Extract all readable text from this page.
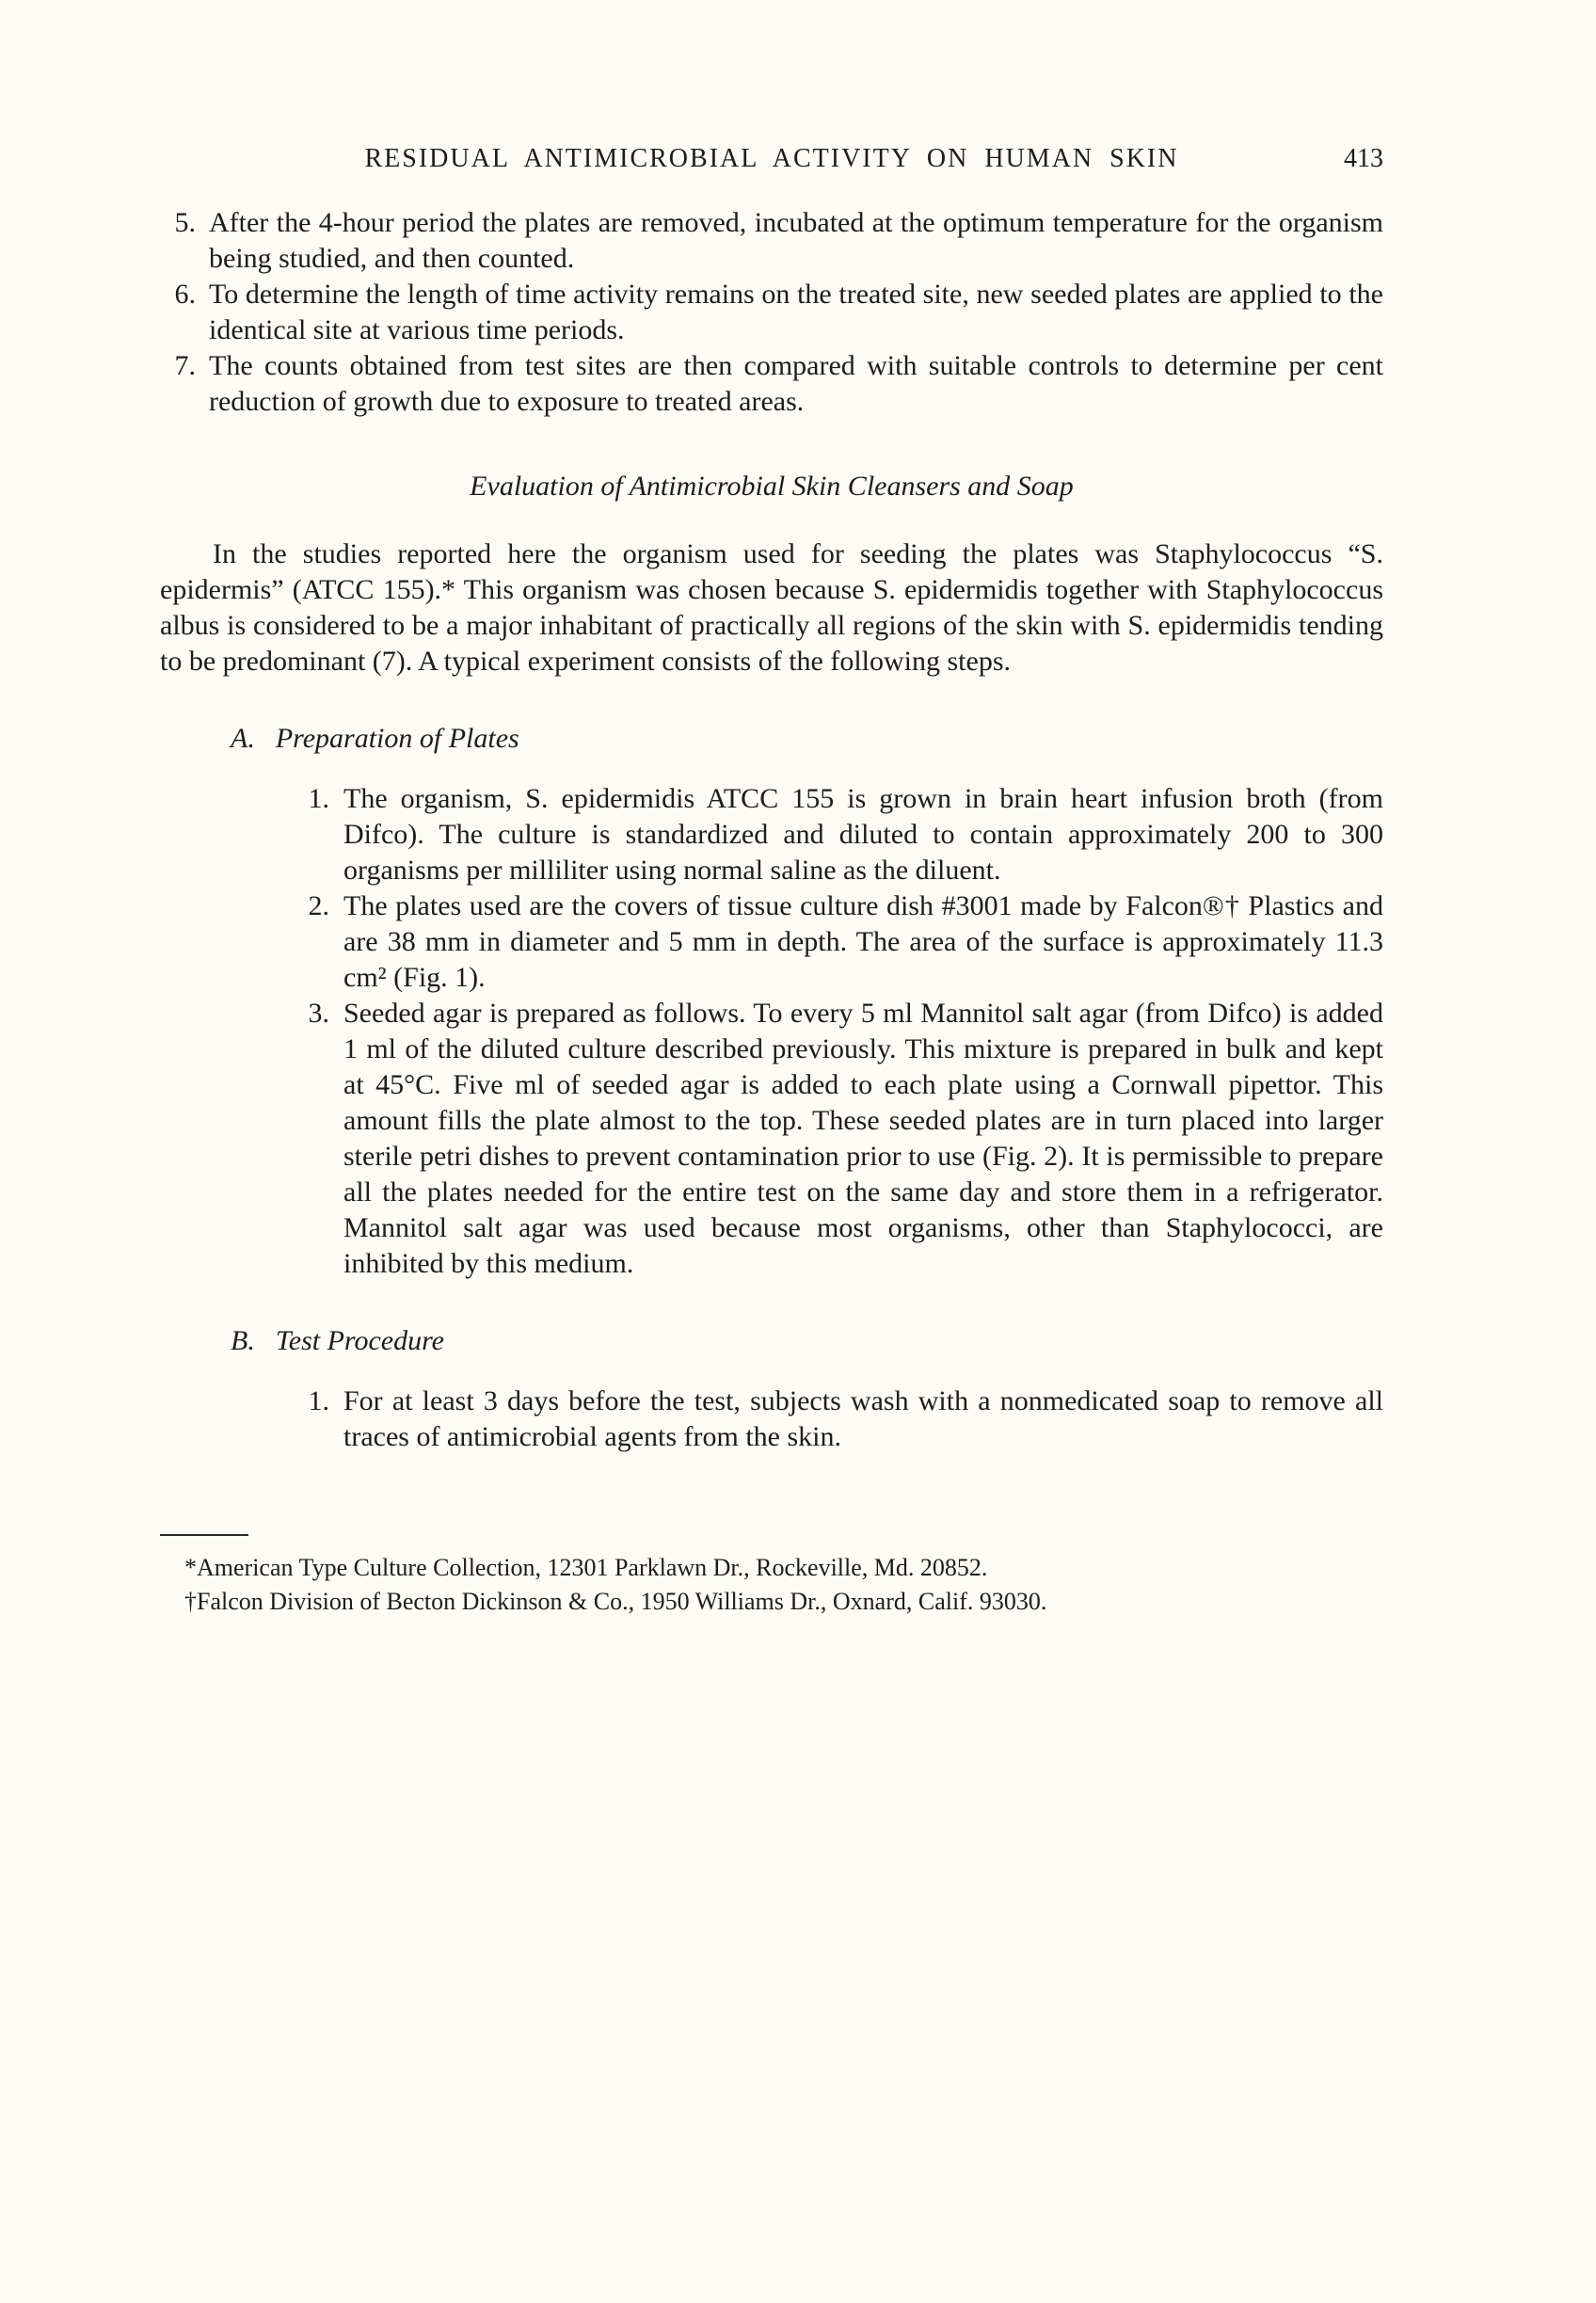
RESIDUAL ANTIMICROBIAL ACTIVITY ON HUMAN SKIN	413
5. After the 4-hour period the plates are removed, incubated at the optimum temperature for the organism being studied, and then counted.
6. To determine the length of time activity remains on the treated site, new seeded plates are applied to the identical site at various time periods.
7. The counts obtained from test sites are then compared with suitable controls to determine per cent reduction of growth due to exposure to treated areas.
Evaluation of Antimicrobial Skin Cleansers and Soap

In the studies reported here the organism used for seeding the plates was Staphylococcus “S. epidermis” (ATCC 155).* This organism was chosen because S. epidermidis together with Staphylococcus albus is considered to be a major inhabitant of practically all regions of the skin with S. epidermidis tending to be predominant (7). A typical experiment consists of the following steps.

A. Preparation of Plates
1. The organism, S. epidermidis ATCC 155 is grown in brain heart infusion broth (from Difco). The culture is standardized and diluted to contain approximately 200 to 300 organisms per milliliter using normal saline as the diluent.
2. The plates used are the covers of tissue culture dish #3001 made by Falcon®† Plastics and are 38 mm in diameter and 5 mm in depth. The area of the surface is approximately 11.3 cm² (Fig. 1).
3. Seeded agar is prepared as follows. To every 5 ml Mannitol salt agar (from Difco) is added 1 ml of the diluted culture described previously. This mixture is prepared in bulk and kept at 45°C. Five ml of seeded agar is added to each plate using a Cornwall pipettor. This amount fills the plate almost to the top. These seeded plates are in turn placed into larger sterile petri dishes to prevent contamination prior to use (Fig. 2). It is permissible to prepare all the plates needed for the entire test on the same day and store them in a refrigerator. Mannitol salt agar was used because most organisms, other than Staphylococci, are inhibited by this medium.
B. Test Procedure
1. For at least 3 days before the test, subjects wash with a nonmedicated soap to remove all traces of antimicrobial agents from the skin.

*American Type Culture Collection, 12301 Parklawn Dr., Rockeville, Md. 20852.

†Falcon Division of Becton Dickinson & Co., 1950 Williams Dr., Oxnard, Calif. 93030.
